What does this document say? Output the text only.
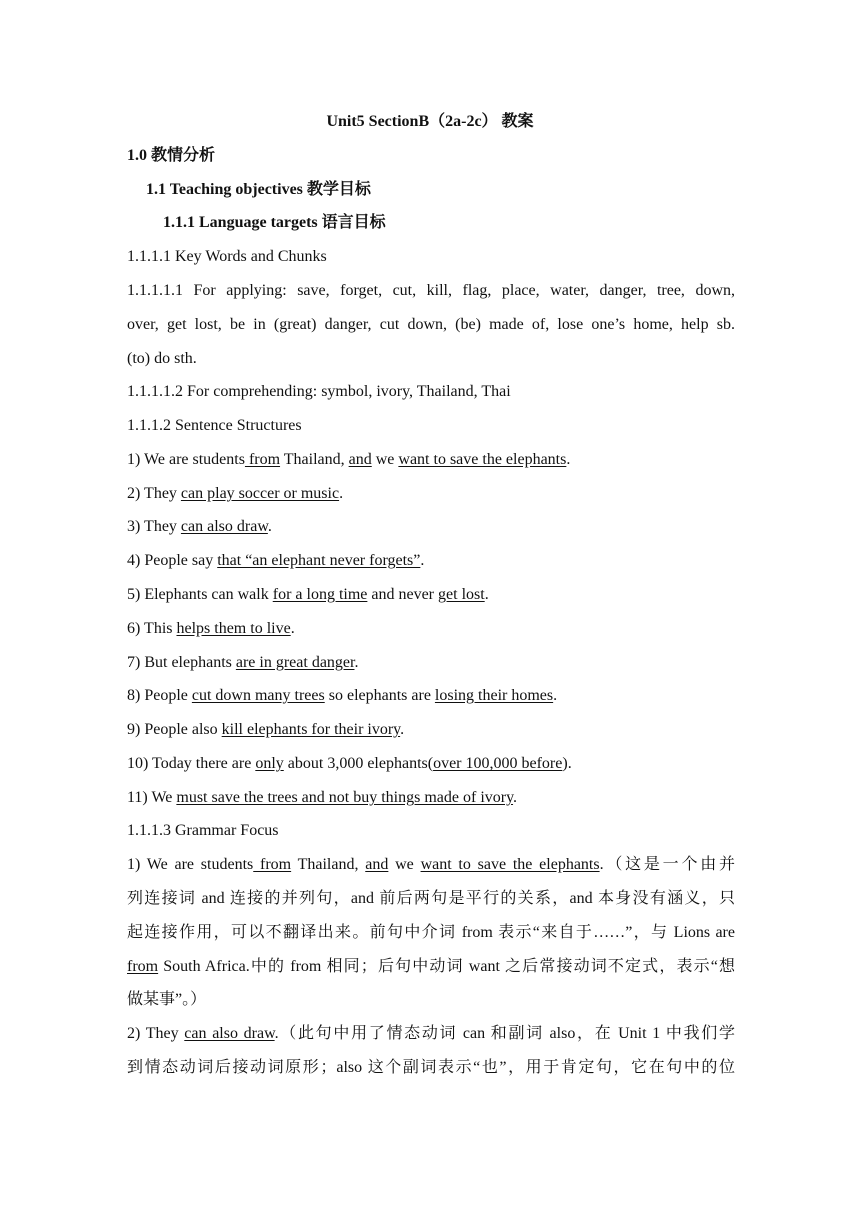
Unit5 SectionB（2a-2c） 教案
1.0 教情分析
1.1 Teaching objectives 教学目标
1.1.1 Language targets 语言目标
1.1.1.1 Key Words and Chunks
1.1.1.1.1 For applying: save, forget, cut, kill, flag, place, water, danger, tree, down,
over, get lost, be in (great) danger, cut down, (be) made of, lose one’s home, help sb.
(to) do sth.
1.1.1.1.2 For comprehending: symbol, ivory, Thailand, Thai
1.1.1.2 Sentence Structures
1) We are students from Thailand, and we want to save the elephants.
2) They can play soccer or music.
3) They can also draw.
4) People say that “an elephant never forgets”.
5) Elephants can walk for a long time and never get lost.
6) This helps them to live.
7) But elephants are in great danger.
8) People cut down many trees so elephants are losing their homes.
9) People also kill elephants for their ivory.
10) Today there are only about 3,000 elephants(over 100,000 before).
11) We must save the trees and not buy things made of ivory.
1.1.1.3 Grammar Focus
1) We are students from Thailand, and we want to save the elephants.（这是一个由并
列连接词 and 连接的并列句，and 前后两句是平行的关系，and 本身没有涵义，只
起连接作用，可以不翻译出来。前句中介词 from 表示“来自于……”，与 Lions are
from South Africa.中的 from 相同；后句中动词 want 之后常接动词不定式，表示“想
做某事”。）
2) They can also draw.（此句中用了情态动词 can 和副词 also，在 Unit 1 中我们学
到情态动词后接动词原形；also 这个副词表示“也”，用于肯定句，它在句中的位
